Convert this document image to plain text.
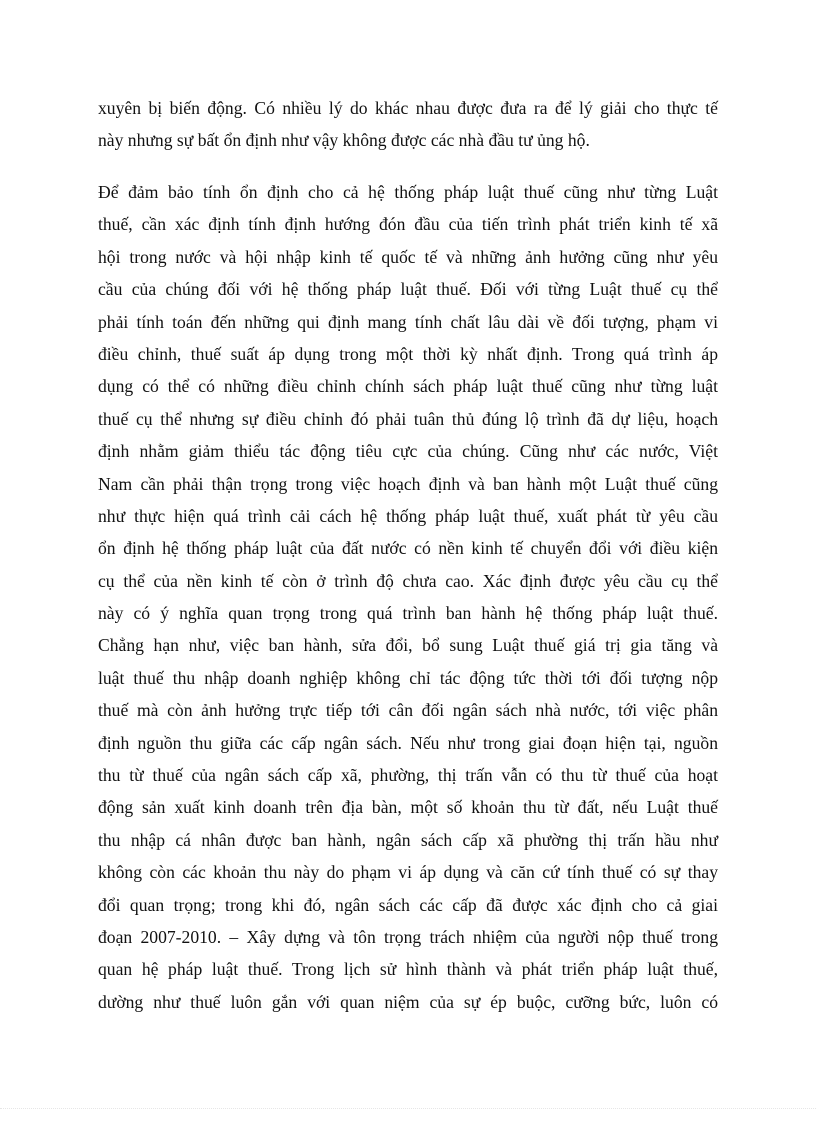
xuyên bị biến động. Có nhiều lý do khác nhau được đưa ra để lý giải cho thực tế
này nhưng sự bất ổn định như vậy không được các nhà đầu tư ủng hộ.
Để đảm bảo tính ổn định cho cả hệ thống pháp luật thuế cũng như từng Luật
thuế, cần xác định tính định hướng đón đầu của tiến trình phát triển kinh tế xã
hội trong nước và hội nhập kinh tế quốc tế và những ảnh hưởng cũng như yêu
cầu của chúng đối với hệ thống pháp luật thuế. Đối với từng Luật thuế cụ thể
phải tính toán đến những qui định mang tính chất lâu dài về đối tượng, phạm vi
điều chỉnh, thuế suất áp dụng trong một thời kỳ nhất định. Trong quá trình áp
dụng có thể có những điều chỉnh chính sách pháp luật thuế cũng như từng luật
thuế cụ thể nhưng sự điều chỉnh đó phải tuân thủ đúng lộ trình đã dự liệu, hoạch
định nhằm giảm thiểu tác động tiêu cực của chúng. Cũng như các nước, Việt
Nam cần phải thận trọng trong việc hoạch định và ban hành một Luật thuế cũng
như thực hiện quá trình cải cách hệ thống pháp luật thuế, xuất phát từ yêu cầu
ổn định hệ thống pháp luật của đất nước có nền kinh tế chuyển đổi với điều kiện
cụ thể của nền kinh tế còn ở trình độ chưa cao. Xác định được yêu cầu cụ thể
này có ý nghĩa quan trọng trong quá trình ban hành hệ thống pháp luật thuế.
Chẳng hạn như, việc ban hành, sửa đổi, bổ sung Luật thuế giá trị gia tăng và
luật thuế thu nhập doanh nghiệp không chỉ tác động tức thời tới đối tượng nộp
thuế mà còn ảnh hưởng trực tiếp tới cân đối ngân sách nhà nước, tới việc phân
định nguồn thu giữa các cấp ngân sách. Nếu như trong giai đoạn hiện tại, nguồn
thu từ thuế của ngân sách cấp xã, phường, thị trấn vẫn có thu từ thuế của hoạt
động sản xuất kinh doanh trên địa bàn, một số khoản thu từ đất, nếu Luật thuế
thu nhập cá nhân được ban hành, ngân sách cấp xã phường thị trấn hầu như
không còn các khoản thu này do phạm vi áp dụng và căn cứ tính thuế có sự thay
đổi quan trọng; trong khi đó, ngân sách các cấp đã được xác định cho cả giai
đoạn 2007-2010. – Xây dựng và tôn trọng trách nhiệm của người nộp thuế trong
quan hệ pháp luật thuế. Trong lịch sử hình thành và phát triển pháp luật thuế,
dường như thuế luôn gắn với quan niệm của sự ép buộc, cưỡng bức, luôn có
